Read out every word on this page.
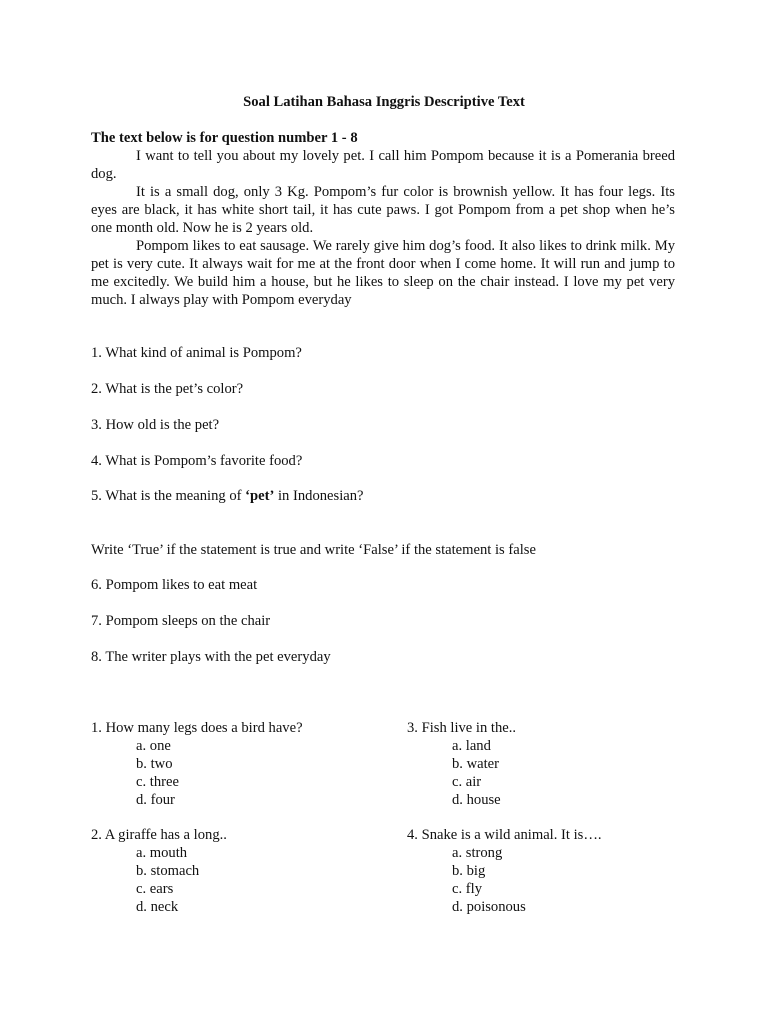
Soal Latihan Bahasa Inggris Descriptive Text
The text below is for question number 1 - 8

I want to tell you about my lovely pet. I call him Pompom because it is a Pomerania breed dog.

It is a small dog, only 3 Kg. Pompom’s fur color is brownish yellow. It has four legs. Its eyes are black, it has white short tail, it has cute paws. I got Pompom from a pet shop when he’s one month old. Now he is 2 years old.

Pompom likes to eat sausage. We rarely give him dog’s food. It also likes to drink milk. My pet is very cute. It always wait for me at the front door when I come home. It will run and jump to me excitedly. We build him a house, but he likes to sleep on the chair instead. I love my pet very much. I always play with Pompom everyday

1. What kind of animal is Pompom?
2. What is the pet’s color?
3. How old is the pet?
4. What is Pompom’s favorite food?
5. What is the meaning of ‘pet’ in Indonesian?
Write ‘True’ if the statement is true and write ‘False’ if the statement is false
6. Pompom likes to eat meat
7. Pompom sleeps on the chair
8. The writer plays with the pet everyday
1. How many legs does a bird have?
a. one
b. two
c. three
d. four
3. Fish live in the..
a. land
b. water
c. air
d. house
2. A giraffe has a long..
a. mouth
b. stomach
c. ears
d. neck
4. Snake is a wild animal. It is….
a. strong
b. big
c. fly
d. poisonous
